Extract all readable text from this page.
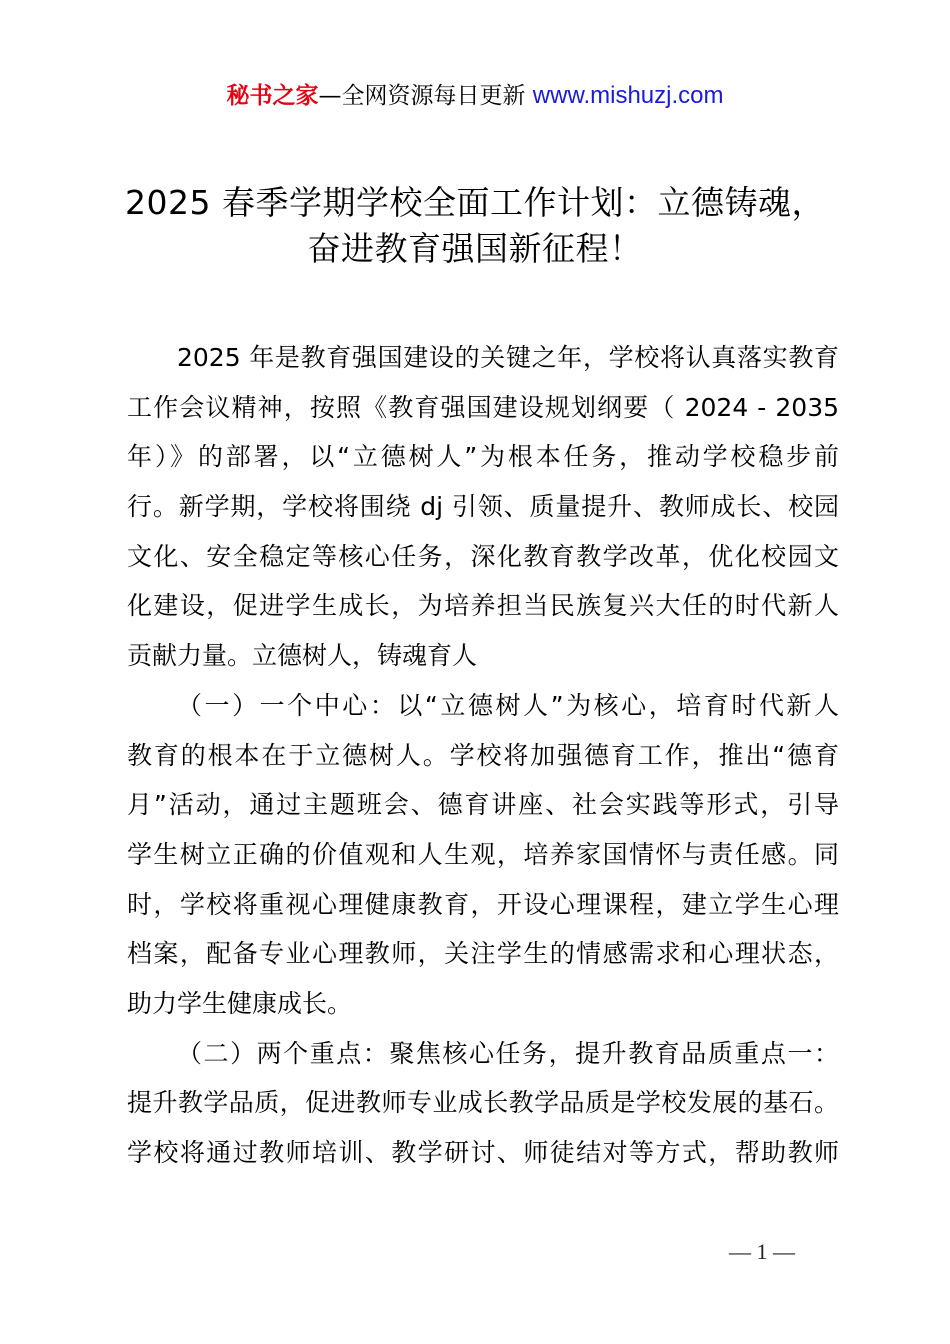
秘书之家—全网资源每日更新 www.mishuzj.com
2025 春季学期学校全面工作计划：立德铸魂，
奋进教育强国新征程！
2025 年是教育强国建设的关键之年，学校将认真落实教育
工作会议精神，按照《教育强国建设规划纲要（ 2024 - 2035
年）》的部署，以“立德树人”为根本任务，推动学校稳步前
行。新学期，学校将围绕 dj 引领、质量提升、教师成长、校园
文化、安全稳定等核心任务，深化教育教学改革，优化校园文
化建设，促进学生成长，为培养担当民族复兴大任的时代新人
贡献力量。立德树人，铸魂育人
（一）一个中心：以“立德树人”为核心，培育时代新人
教育的根本在于立德树人。学校将加强德育工作，推出“德育
月”活动，通过主题班会、德育讲座、社会实践等形式，引导
学生树立正确的价值观和人生观，培养家国情怀与责任感。同
时，学校将重视心理健康教育，开设心理课程，建立学生心理
档案，配备专业心理教师，关注学生的情感需求和心理状态，
助力学生健康成长。
（二）两个重点：聚焦核心任务，提升教育品质重点一：
提升教学品质，促进教师专业成长教学品质是学校发展的基石。
学校将通过教师培训、教学研讨、师徒结对等方式，帮助教师
— 1 —
